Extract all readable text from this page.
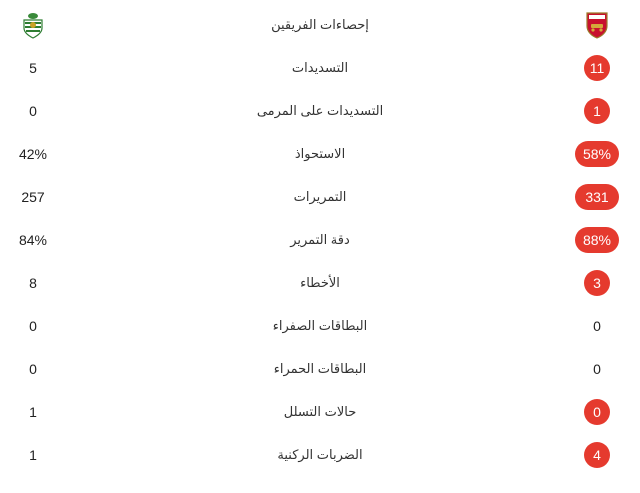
إحصاءات الفريقين
5	التسديدات	11
0	التسديدات على المرمى	1
42%	الاستحواذ	58%
257	التمريرات	331
84%	دقة التمرير	88%
8	الأخطاء	3
0	البطاقات الصفراء	0
0	البطاقات الحمراء	0
1	حالات التسلل	0
1	الضربات الركنية	4
